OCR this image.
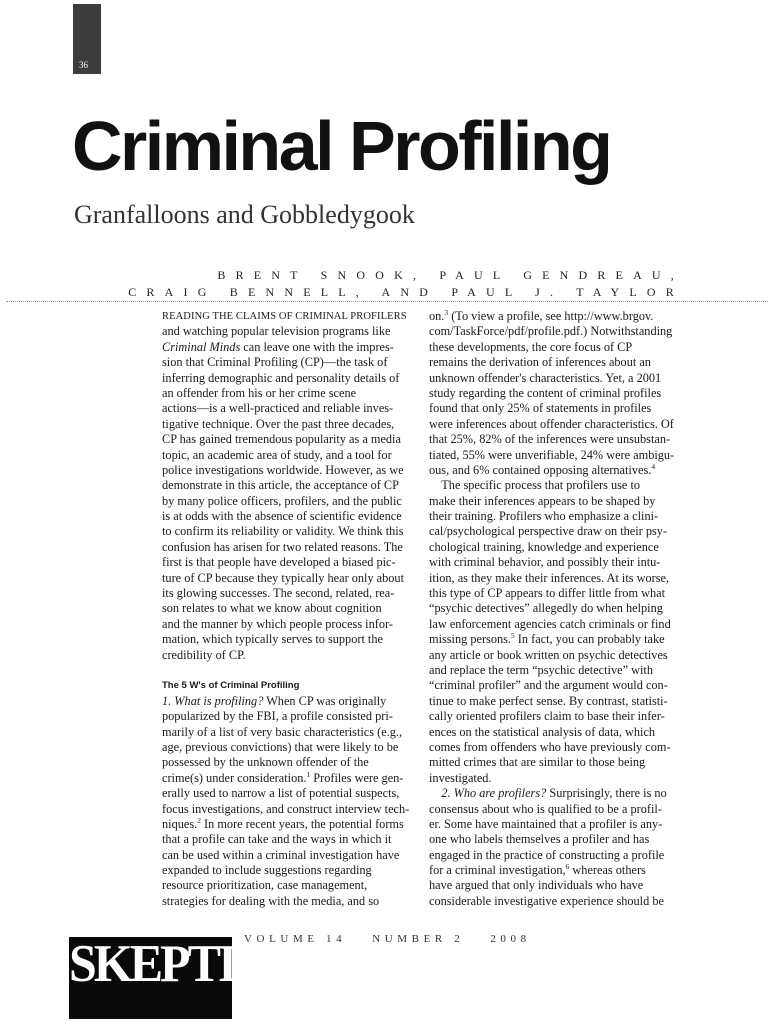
36
Criminal Profiling
Granfalloons and Gobbledygook
BRENT SNOOK, PAUL GENDREAU,
CRAIG BENNELL, AND PAUL J. TAYLOR
READING THE CLAIMS OF CRIMINAL PROFILERS
and watching popular television programs like
Criminal Minds can leave one with the impres-
sion that Criminal Profiling (CP)—the task of
inferring demographic and personality details of
an offender from his or her crime scene
actions—is a well-practiced and reliable inves-
tigative technique. Over the past three decades,
CP has gained tremendous popularity as a media
topic, an academic area of study, and a tool for
police investigations worldwide. However, as we
demonstrate in this article, the acceptance of CP
by many police officers, profilers, and the public
is at odds with the absence of scientific evidence
to confirm its reliability or validity. We think this
confusion has arisen for two related reasons. The
first is that people have developed a biased pic-
ture of CP because they typically hear only about
its glowing successes. The second, related, rea-
son relates to what we know about cognition
and the manner by which people process infor-
mation, which typically serves to support the
credibility of CP.
The 5 W's of Criminal Profiling
1. What is profiling? When CP was originally
popularized by the FBI, a profile consisted pri-
marily of a list of very basic characteristics (e.g.,
age, previous convictions) that were likely to be
possessed by the unknown offender of the
crime(s) under consideration.$^1$ Profiles were gen-
erally used to narrow a list of potential suspects,
focus investigations, and construct interview tech-
niques.$^2$ In more recent years, the potential forms
that a profile can take and the ways in which it
can be used within a criminal investigation have
expanded to include suggestions regarding
resource prioritization, case management,
strategies for dealing with the media, and so
on.$^3$ (To view a profile, see http://www.brgov.
com/TaskForce/pdf/profile.pdf.) Notwithstanding
these developments, the core focus of CP
remains the derivation of inferences about an
unknown offender's characteristics. Yet, a 2001
study regarding the content of criminal profiles
found that only 25% of statements in profiles
were inferences about offender characteristics. Of
that 25%, 82% of the inferences were unsubstan-
tiated, 55% were unverifiable, 24% were ambigu-
ous, and 6% contained opposing alternatives.$^4$
The specific process that profilers use to
make their inferences appears to be shaped by
their training. Profilers who emphasize a clini-
cal/psychological perspective draw on their psy-
chological training, knowledge and experience
with criminal behavior, and possibly their intu-
ition, as they make their inferences. At its worse,
this type of CP appears to differ little from what
“psychic detectives” allegedly do when helping
law enforcement agencies catch criminals or find
missing persons.$^5$ In fact, you can probably take
any article or book written on psychic detectives
and replace the term “psychic detective” with
“criminal profiler” and the argument would con-
tinue to make perfect sense. By contrast, statisti-
cally oriented profilers claim to base their infer-
ences on the statistical analysis of data, which
comes from offenders who have previously com-
mitted crimes that are similar to those being
investigated.
2. Who are profilers? Surprisingly, there is no
consensus about who is qualified to be a profil-
er. Some have maintained that a profiler is any-
one who labels themselves a profiler and has
engaged in the practice of constructing a profile
for a criminal investigation,$^6$ whereas others
have argued that only individuals who have
considerable investigative experience should be
VOLUME 14 NUMBER 2 2008
SKEPTIC
